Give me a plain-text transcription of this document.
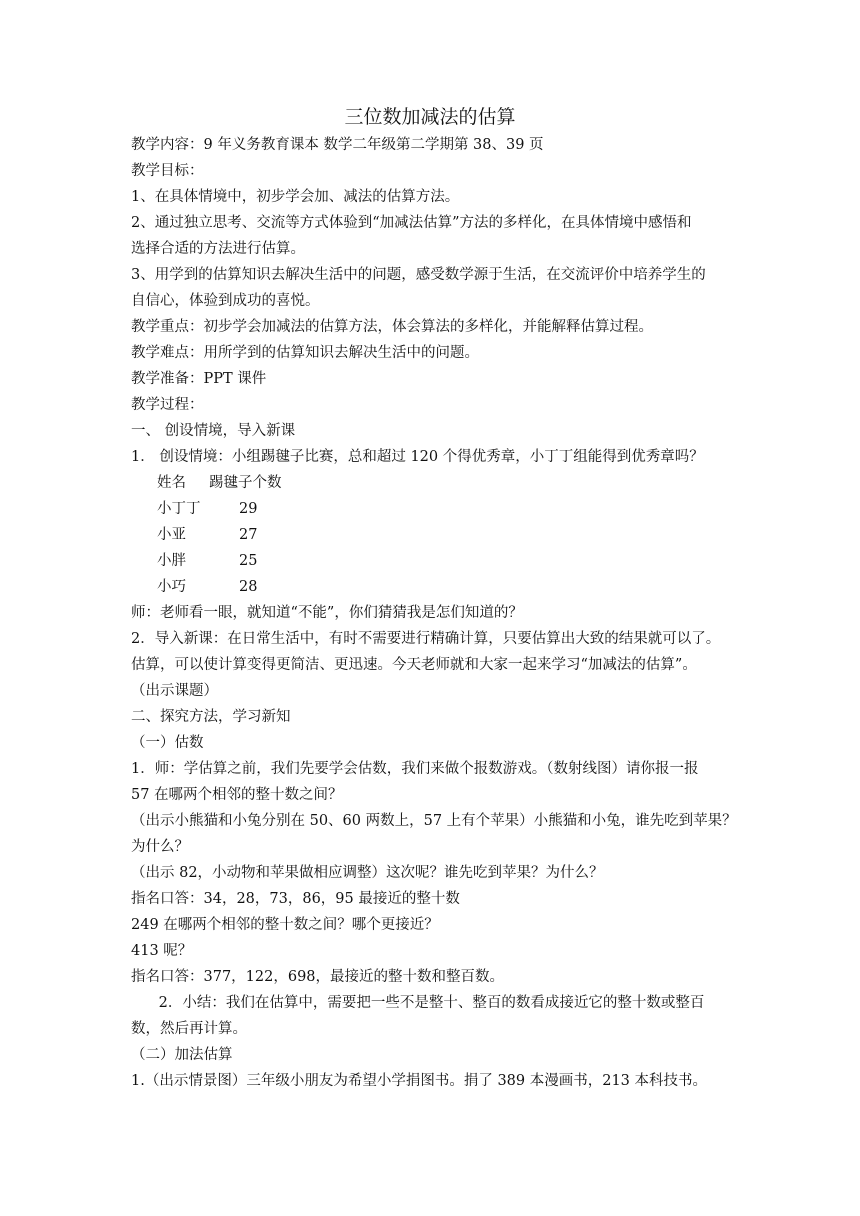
三位数加减法的估算
教学内容：9 年义务教育课本 数学二年级第二学期第 38、39 页
教学目标：
1、在具体情境中，初步学会加、减法的估算方法。
2、通过独立思考、交流等方式体验到“加减法估算”方法的多样化，在具体情境中感悟和
选择合适的方法进行估算。
3、用学到的估算知识去解决生活中的问题，感受数学源于生活，在交流评价中培养学生的
自信心，体验到成功的喜悦。
教学重点：初步学会加减法的估算方法，体会算法的多样化，并能解释估算过程。
教学难点：用所学到的估算知识去解决生活中的问题。
教学准备：PPT 课件
教学过程：
一、 创设情境，导入新课
1． 创设情境：小组踢毽子比赛，总和超过 120 个得优秀章，小丁丁组能得到优秀章吗？
姓名 踢毽子个数
小丁丁	29
小亚	27
小胖	25
小巧	28
师：老师看一眼，就知道“不能”，你们猜猜我是怎们知道的？
2．导入新课：在日常生活中，有时不需要进行精确计算，只要估算出大致的结果就可以了。
估算，可以使计算变得更简洁、更迅速。今天老师就和大家一起来学习“加减法的估算”。
（出示课题）
二、探究方法，学习新知
（一）估数
1．师：学估算之前，我们先要学会估数，我们来做个报数游戏。（数射线图）请你报一报
57 在哪两个相邻的整十数之间？
（出示小熊猫和小兔分别在 50、60 两数上，57 上有个苹果）小熊猫和小兔，谁先吃到苹果？
为什么？
（出示 82，小动物和苹果做相应调整）这次呢？谁先吃到苹果？为什么？
指名口答：34，28，73，86，95 最接近的整十数
249 在哪两个相邻的整十数之间？哪个更接近？
413 呢？
指名口答：377，122，698，最接近的整十数和整百数。
2．小结：我们在估算中，需要把一些不是整十、整百的数看成接近它的整十数或整百
数，然后再计算。
（二）加法估算
1.（出示情景图）三年级小朋友为希望小学捐图书。捐了 389 本漫画书，213 本科技书。
